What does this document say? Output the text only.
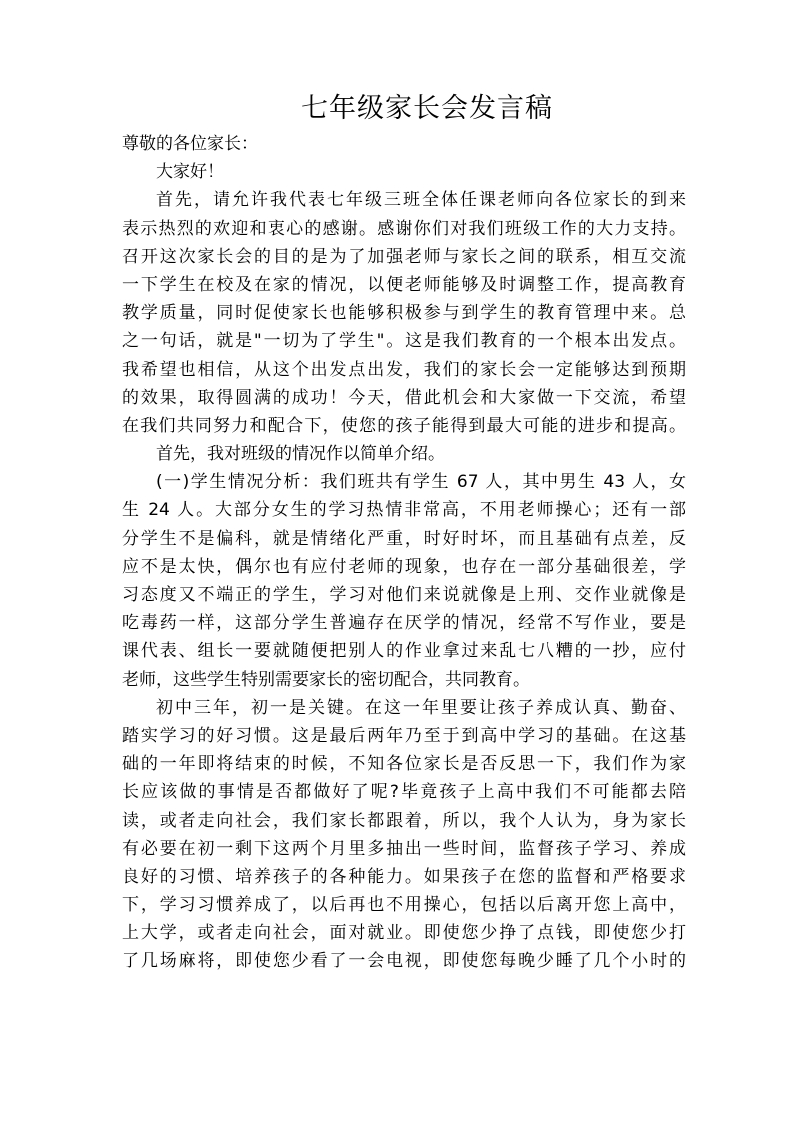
七年级家长会发言稿
尊敬的各位家长：
大家好！
首先，请允许我代表七年级三班全体任课老师向各位家长的到来
表示热烈的欢迎和衷心的感谢。感谢你们对我们班级工作的大力支持。
召开这次家长会的目的是为了加强老师与家长之间的联系，相互交流
一下学生在校及在家的情况，以便老师能够及时调整工作，提高教育
教学质量，同时促使家长也能够积极参与到学生的教育管理中来。总
之一句话，就是"一切为了学生"。这是我们教育的一个根本出发点。
我希望也相信，从这个出发点出发，我们的家长会一定能够达到预期
的效果，取得圆满的成功！今天，借此机会和大家做一下交流，希望
在我们共同努力和配合下，使您的孩子能得到最大可能的进步和提高。
首先，我对班级的情况作以简单介绍。
(一)学生情况分析：我们班共有学生 67 人，其中男生 43 人，女
生 24 人。大部分女生的学习热情非常高，不用老师操心；还有一部
分学生不是偏科，就是情绪化严重，时好时坏，而且基础有点差，反
应不是太快，偶尔也有应付老师的现象，也存在一部分基础很差，学
习态度又不端正的学生，学习对他们来说就像是上刑、交作业就像是
吃毒药一样，这部分学生普遍存在厌学的情况，经常不写作业，要是
课代表、组长一要就随便把别人的作业拿过来乱七八糟的一抄，应付
老师，这些学生特别需要家长的密切配合，共同教育。
初中三年，初一是关键。在这一年里要让孩子养成认真、勤奋、
踏实学习的好习惯。这是最后两年乃至于到高中学习的基础。在这基
础的一年即将结束的时候，不知各位家长是否反思一下，我们作为家
长应该做的事情是否都做好了呢?毕竟孩子上高中我们不可能都去陪
读，或者走向社会，我们家长都跟着，所以，我个人认为，身为家长
有必要在初一剩下这两个月里多抽出一些时间，监督孩子学习、养成
良好的习惯、培养孩子的各种能力。如果孩子在您的监督和严格要求
下，学习习惯养成了，以后再也不用操心，包括以后离开您上高中，
上大学，或者走向社会，面对就业。即使您少挣了点钱，即使您少打
了几场麻将，即使您少看了一会电视，即使您每晚少睡了几个小时的
